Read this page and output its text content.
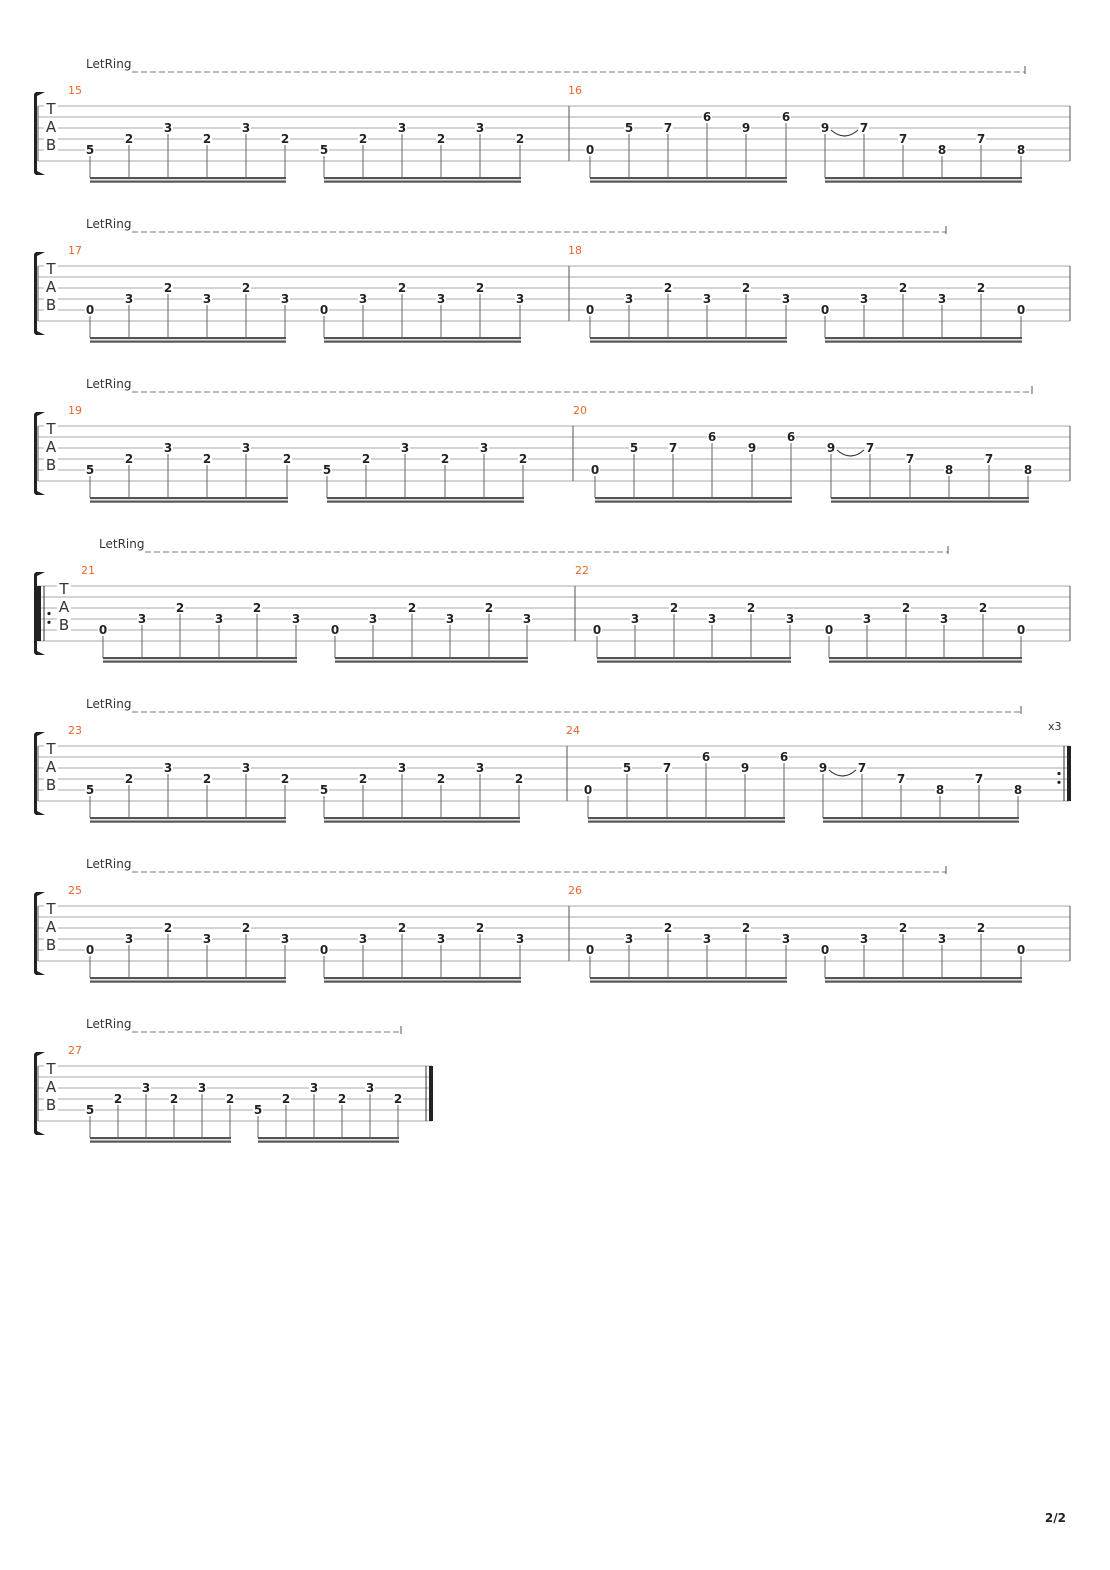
LetRing
T
A
B
15
5
2
3
2
3
2
5
2
3
2
3
2
16
0
5	7
6
9
6
9	7
7
8
7
8
LetRing
T
A
B
17
0
3
2
3
2
3
0
3
2
3
2
3
18
0
3
2
3
2
3
0
3
2
3
2
0
LetRing
T
A
B
19
5
2
3
2
3
2
5
2
3
2
3
2
20
0
5	7
6
9
6
9	7
7
8
7
8
LetRing
T
A
B
21
0
3
2
3
2
3
0
3
2
3
2
3
22
0
3
2
3
2
3
0
3
2
3
2
0
LetRing
x3
T
A
B
23
5
2
3
2
3
2
5
2
3
2
3
2
24
0
5	7
6
9
6
9	7
7
8
7
8
LetRing
T
A
B
25
0
3
2
3
2
3
0
3
2
3
2
3
26
0
3
2
3
2
3
0
3
2
3
2
0
LetRing
T
A
B
27
5
2
3
2
3
2
5
2
3
2
3
2
2/2
